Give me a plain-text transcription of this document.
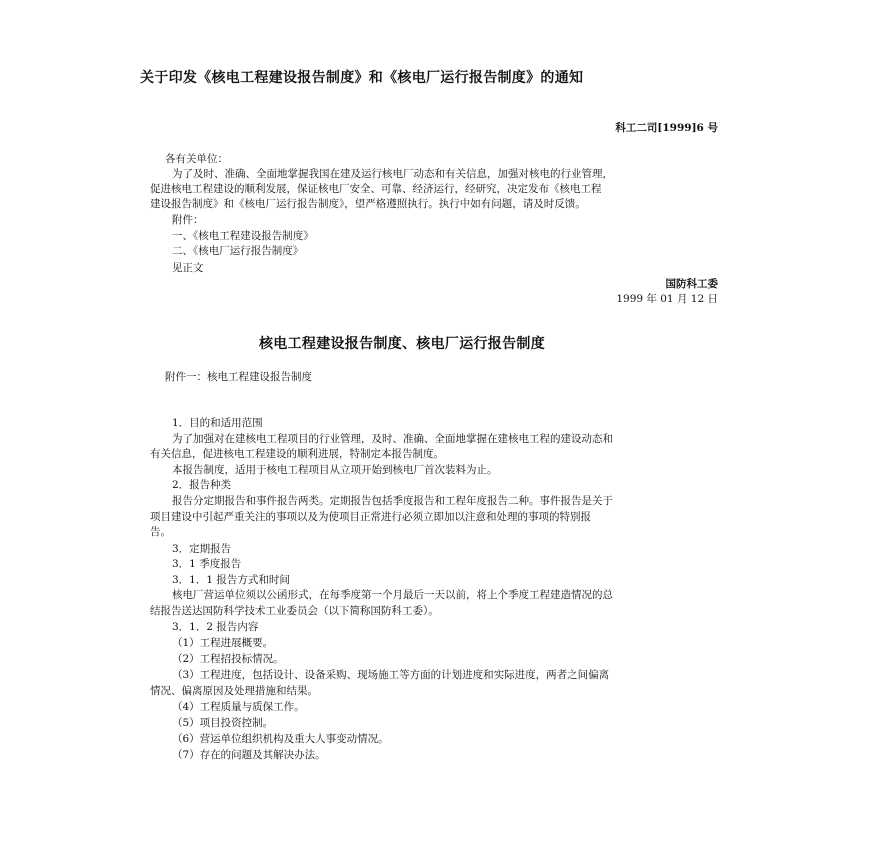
关于印发《核电工程建设报告制度》和《核电厂运行报告制度》的通知

科工二司[1999]6 号

各有关单位：

为了及时、准确、全面地掌握我国在建及运行核电厂动态和有关信息，加强对核电的行业管理，

促进核电工程建设的顺利发展，保证核电厂安全、可靠、经济运行，经研究，决定发布《核电工程

建设报告制度》和《核电厂运行报告制度》，望严格遵照执行。执行中如有问题，请及时反馈。

附件：

一、《核电工程建设报告制度》

二、《核电厂运行报告制度》

见正文

国防科工委

1999 年 01 月 12 日

核电工程建设报告制度、核电厂运行报告制度

附件一：核电工程建设报告制度

1．目的和适用范围

为了加强对在建核电工程项目的行业管理，及时、准确、全面地掌握在建核电工程的建设动态和

有关信息，促进核电工程建设的顺利进展，特制定本报告制度。

本报告制度，适用于核电工程项目从立项开始到核电厂首次装料为止。

2．报告种类

报告分定期报告和事件报告两类。定期报告包括季度报告和工程年度报告二种。事件报告是关于

项目建设中引起严重关注的事项以及为使项目正常进行必须立即加以注意和处理的事项的特别报

告。

3．定期报告

3．1 季度报告

3．1．1 报告方式和时间

核电厂营运单位须以公函形式，在每季度第一个月最后一天以前，将上个季度工程建造情况的总

结报告送达国防科学技术工业委员会（以下简称国防科工委）。

3．1．2 报告内容

（1）工程进展概要。

（2）工程招投标情况。

（3）工程进度，包括设计、设备采购、现场施工等方面的计划进度和实际进度，两者之间偏离

情况、偏离原因及处理措施和结果。

（4）工程质量与质保工作。

（5）项目投资控制。

（6）营运单位组织机构及重大人事变动情况。

（7）存在的问题及其解决办法。
